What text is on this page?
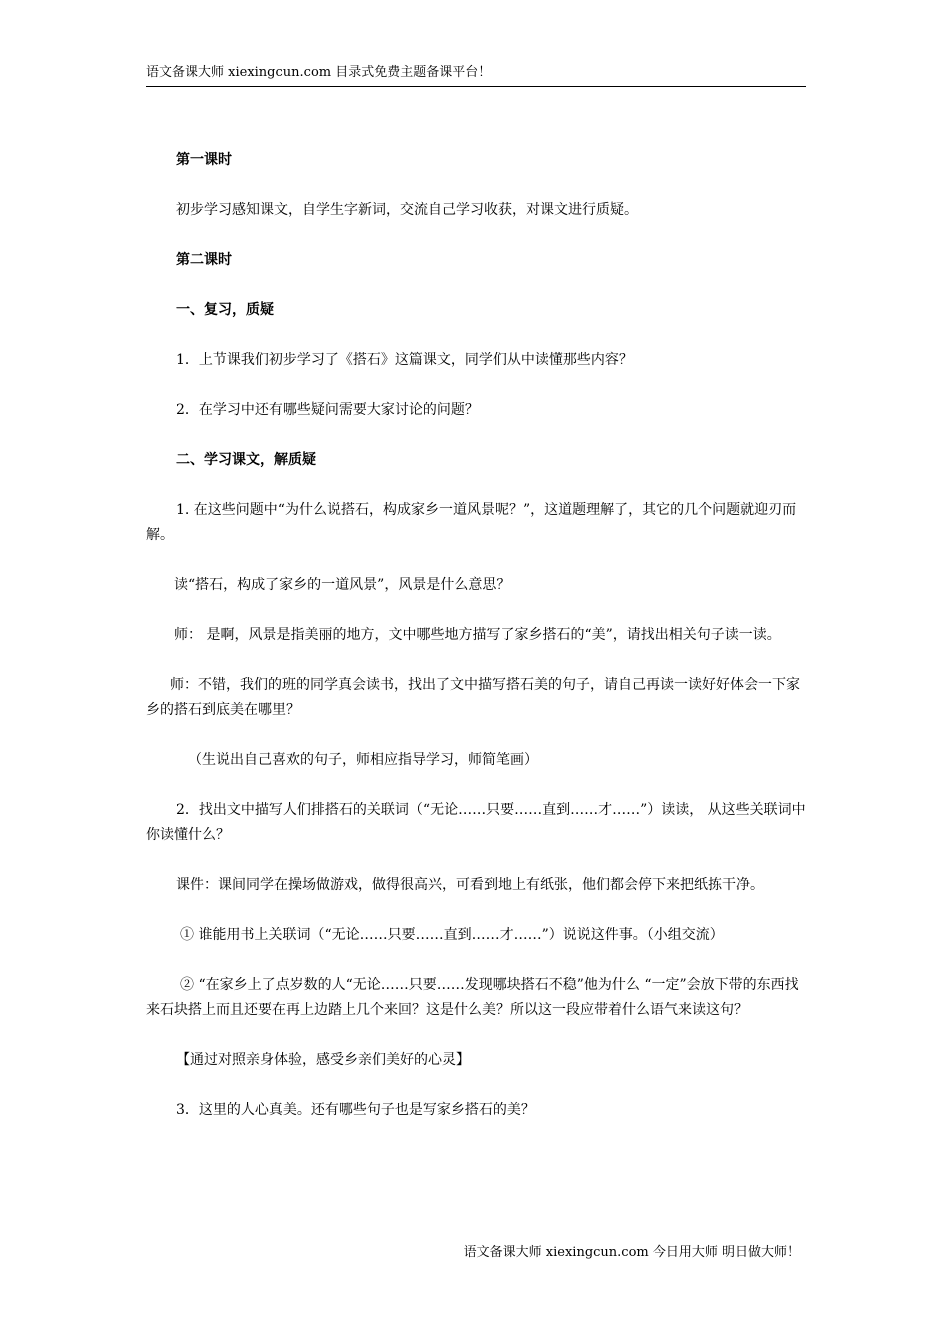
语文备课大师 xiexingcun.com 目录式免费主题备课平台！

第一课时

初步学习感知课文，自学生字新词，交流自己学习收获，对课文进行质疑。

第二课时

一、复习，质疑

1．上节课我们初步学习了《搭石》这篇课文，同学们从中读懂那些内容？

2．在学习中还有哪些疑问需要大家讨论的问题？

二、学习课文，解质疑

1. 在这些问题中“为什么说搭石，构成家乡一道风景呢？”，这道题理解了，其它的几个问题就迎刃而解。

读“搭石，构成了家乡的一道风景”，风景是什么意思？

师： 是啊，风景是指美丽的地方，文中哪些地方描写了家乡搭石的“美”，请找出相关句子读一读。

师：不错，我们的班的同学真会读书，找出了文中描写搭石美的句子，请自己再读一读好好体会一下家乡的搭石到底美在哪里？

（生说出自己喜欢的句子，师相应指导学习，师简笔画）

2．找出文中描写人们排搭石的关联词（“无论……只要……直到……才……”）读读， 从这些关联词中你读懂什么？

课件：课间同学在操场做游戏，做得很高兴，可看到地上有纸张，他们都会停下来把纸拣干净。

① 谁能用书上关联词（“无论……只要……直到……才……”）说说这件事。（小组交流）

② “在家乡上了点岁数的人“无论……只要……发现哪块搭石不稳”他为什么 “一定”会放下带的东西找来石块搭上而且还要在再上边踏上几个来回？这是什么美？所以这一段应带着什么语气来读这句？

【通过对照亲身体验，感受乡亲们美好的心灵】

3．这里的人心真美。还有哪些句子也是写家乡搭石的美？

语文备课大师 xiexingcun.com 今日用大师 明日做大师！
